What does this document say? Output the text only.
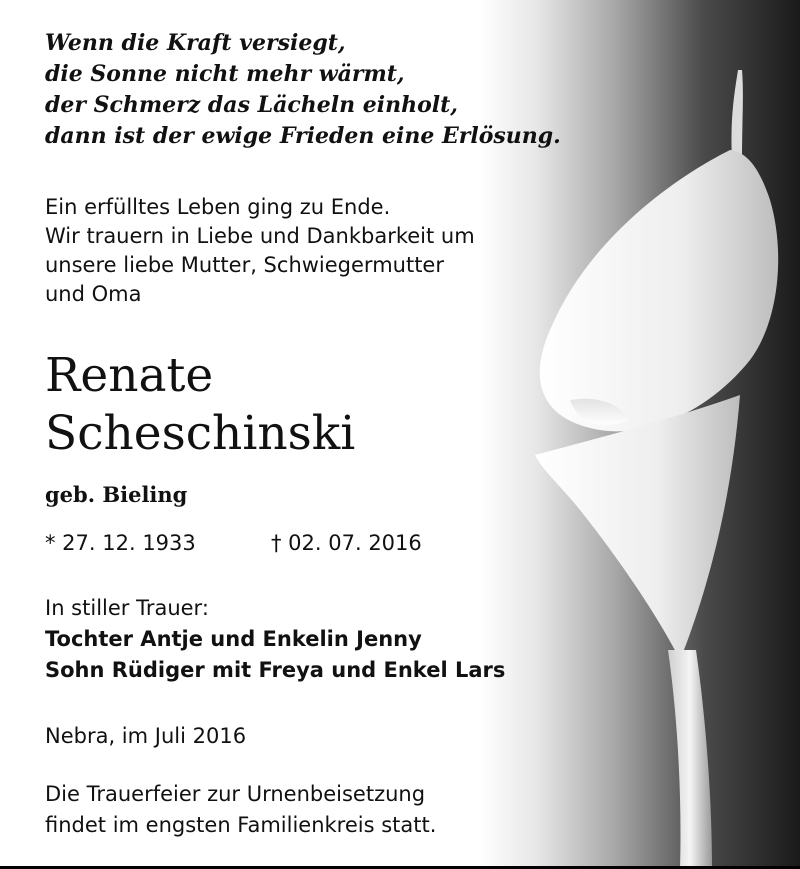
Wenn die Kraft versiegt,
die Sonne nicht mehr wärmt,
der Schmerz das Lächeln einholt,
dann ist der ewige Frieden eine Erlösung.
Ein erfülltes Leben ging zu Ende.
Wir trauern in Liebe und Dankbarkeit um
unsere liebe Mutter, Schwiegermutter
und Oma
Renate
Scheschinski
geb. Bieling
* 27. 12. 1933	† 02. 07. 2016
In stiller Trauer:
Tochter Antje und Enkelin Jenny
Sohn Rüdiger mit Freya und Enkel Lars
Nebra, im Juli 2016
Die Trauerfeier zur Urnenbeisetzung
findet im engsten Familienkreis statt.
